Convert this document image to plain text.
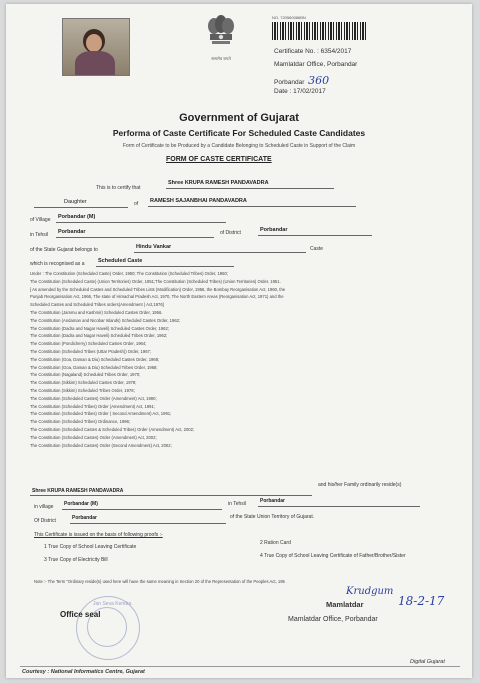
सत्यमेव जयते
NO. 720560086BN
Certificate No. : 6354/2017
Mamlatdar Office, Porbandar
Porbandar 360
Date : 17/02/2017
Government of Gujarat
Performa of Caste Certificate For Scheduled Caste Candidates
Form of Certificate to be Produced by a Candidate Belonging to Scheduled Caste in Support of the Claim
FORM OF CASTE CERTIFICATE
This is to certify that
Shree KRUPA RAMESH PANDAVADRA
Daughter	of RAMESH SAJANBHAI PANDAVADRA
of Village Porbandar (M)
in Tehsil Porbandar	of District	Porbandar
of the State Gujarat belongs to	Hindu Vankar	Caste
which is recognised as a Scheduled Caste
Under : The Constitution (Scheduled Caste) Order, 1950; The Constitution (Scheduled Tribes) Order, 1950;
The Constitution (Scheduled Caste) (Union Territories) Order, 1951;The Constitution (Scheduled Tribes) (Union Territories) Order, 1951.
[ As amended by the Scheduled Castes and Scheduled Tribes Lists (Modification) Order, 1956, the Bombay Reorganisation Act, 1960, the
Punjab Reorganisation Act, 1966, The state of Himachal Pradesh Act, 1970, The North Eastern Areas (Reorganisation Act, 1971) and the
Scheduled Castes and Scheduled Tribes orders(Amendment ) Act,1976]
The Constitution (Jammu and Kashmir) Scheduled Castes Order, 1956.
The Constitution (Andaman and Nicobar Islands) Scheduled Castes Order, 1962;
The Constitution (Dadra and Nagar Haveli) Scheduled Castes Order, 1962;
The Constitution (Dadra and Nagar Haveli) Scheduled Tribes Order, 1962;
The Constitution (Pondicherry) Scheduled Castes Order, 1964;
The Constitution (Scheduled Tribes (Uttar Pradesh)) Order, 1967;
The Constitution (Goa, Daman & Diu) Scheduled Castes Order, 1968;
The Constitution (Goa, Daman & Diu) Scheduled Tribes Order, 1968;
The Constitution (Nagaland) Scheduled Tribes Order, 1970;
The Constitution (Sikkim) Scheduled Castes Order, 1978;
The Constitution (Sikkim) Scheduled Tribes Order, 1978;
The Constitution (Scheduled Castes) Order (Amendment) Act, 1990;
The Constitution (Scheduled Tribes) Order (Amendment) Act, 1991;
The Constitution (Scheduled Tribes) Order ( Second Amendment) Act, 1991;
The Constitution (Scheduled Tribes) Ordinance, 1996;
The Constitution (Scheduled Castes & Scheduled Tribes) Order (Amendment) Act, 2002;
The Constitution (Scheduled Castes) Order (Amendment) Act, 2002;
The Constitution (Scheduled Castes) Order (Second Amendment) Act, 2002;
Shree KRUPA RAMESH PANDAVADRA
and his/her Family ordinarily reside(s)
in village Porbandar (M)	in Tehsil	Porbandar
Of District	Porbandar	of the State Union Territory of Gujarat.
This Certificate is issued on the basis of following proofs :-
1 True Copy of School Leaving Certificate
2 Ration Card
3 True Copy of Electricity Bill
4 True Copy of School Leaving Certificate of Father/Brother/Sister
Note :- The Term "Ordinary reside(s) used here will have the same meaning in Section 20 of the Representation of the Peoples Act, 195
Krudgum
18-2-17
Mamlatdar
Mamlatdar Office, Porbandar
Jan Seva Kendra
Office seal
Courtesy : National Informatics Centre, Gujarat
Digital Gujarat
